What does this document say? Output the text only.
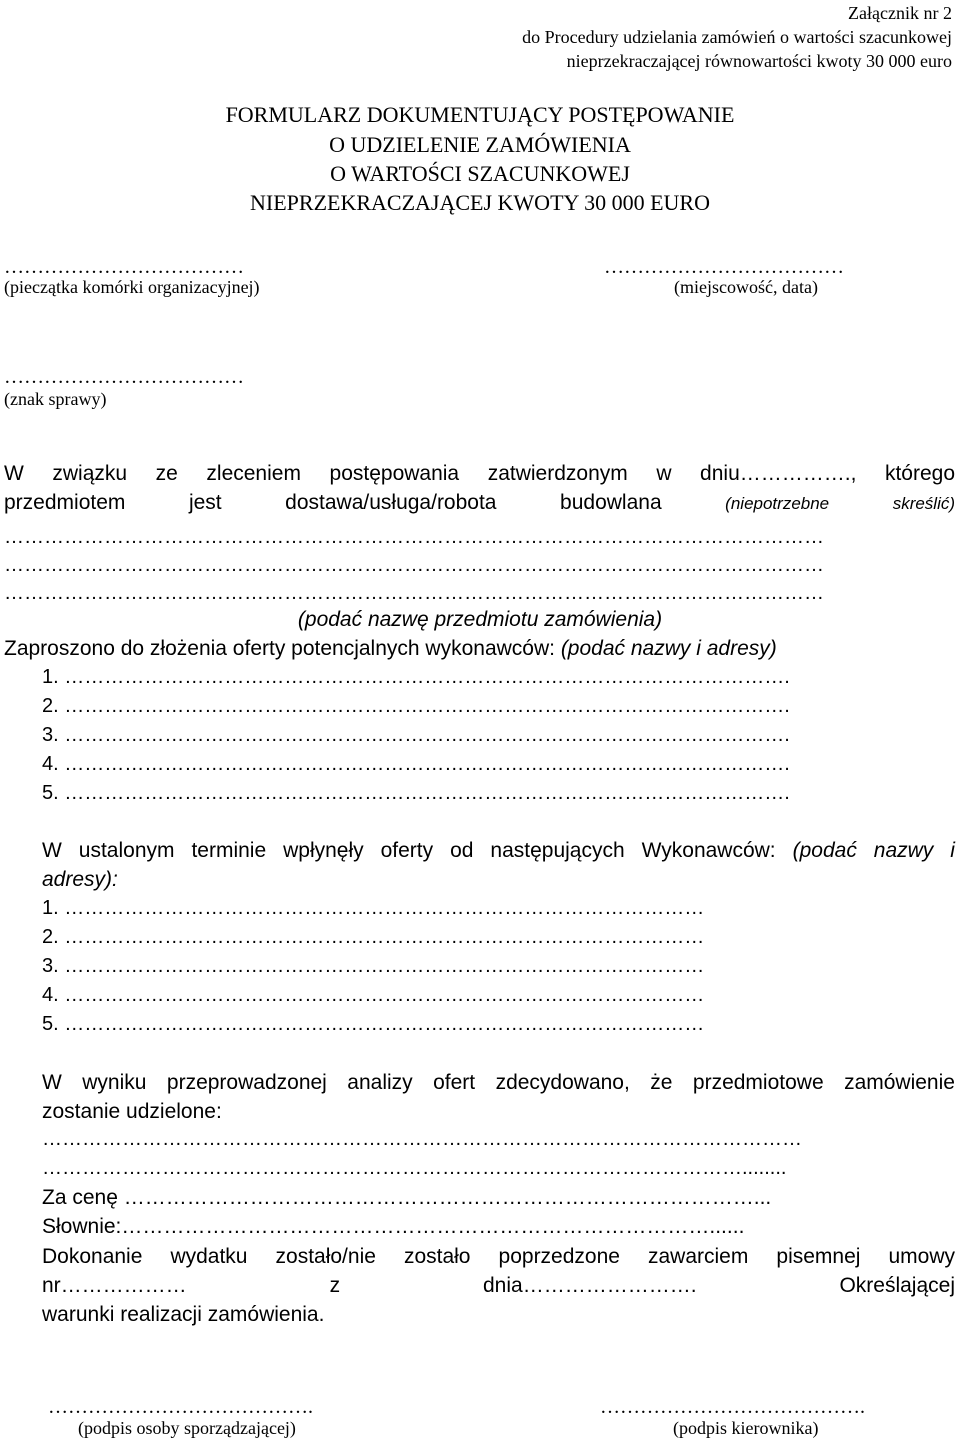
Załącznik nr 2
do Procedury udzielania zamówień o wartości szacunkowej
nieprzekraczającej równowartości kwoty 30 000 euro
FORMULARZ DOKUMENTUJĄCY POSTĘPOWANIE
O UDZIELENIE ZAMÓWIENIA
O WARTOŚCI SZACUNKOWEJ
NIEPRZEKRACZAJĄCEJ KWOTY 30 000 EURO
………………………………
(pieczątka komórki organizacyjnej)
………………………………
(miejscowość, data)
………………………………
(znak sprawy)
W związku ze zleceniem postępowania zatwierdzonym w dniu……………., którego
przedmiotem	jest	dostawa/usługa/robota	budowlana	(niepotrzebne	skreślić)
……………………………………………………………………………………………………………
……………………………………………………………………………………………………………
……………………………………………………………………………………………………………
(podać nazwę przedmiotu zamówienia)
Zaproszono do złożenia oferty potencjalnych wykonawców: (podać nazwy i adresy)
1. ……………………………………………………………………………………………….
2. ……………………………………………………………………………………………….
3. ……………………………………………………………………………………………….
4. ……………………………………………………………………………………………….
5. ……………………………………………………………………………………………….
W ustalonym terminie wpłynęły oferty od następujących Wykonawców: (podać nazwy i
adresy):
1. ……………………………………………………………………………………
2. ……………………………………………………………………………………
3. ……………………………………………………………………………………
4. ……………………………………………………………………………………
5. ……………………………………………………………………………………
W wyniku przeprowadzonej analizy ofert zdecydowano, że przedmiotowe zamówienie
zostanie udzielone:
……………………………………………………………………………………………………
……………………………………………………………………………………………........
Za cenę ………………………………………………………………………………...
Słownie:…………………………………………………………………………......
Dokonanie wydatku zostało/nie zostało poprzedzone zawarciem pisemnej umowy
nr………………	z	dnia…………………….	Określającej
warunki realizacji zamówienia.
………………………………….
(podpis osoby sporządzającej)
………………………………….
(podpis kierownika)
